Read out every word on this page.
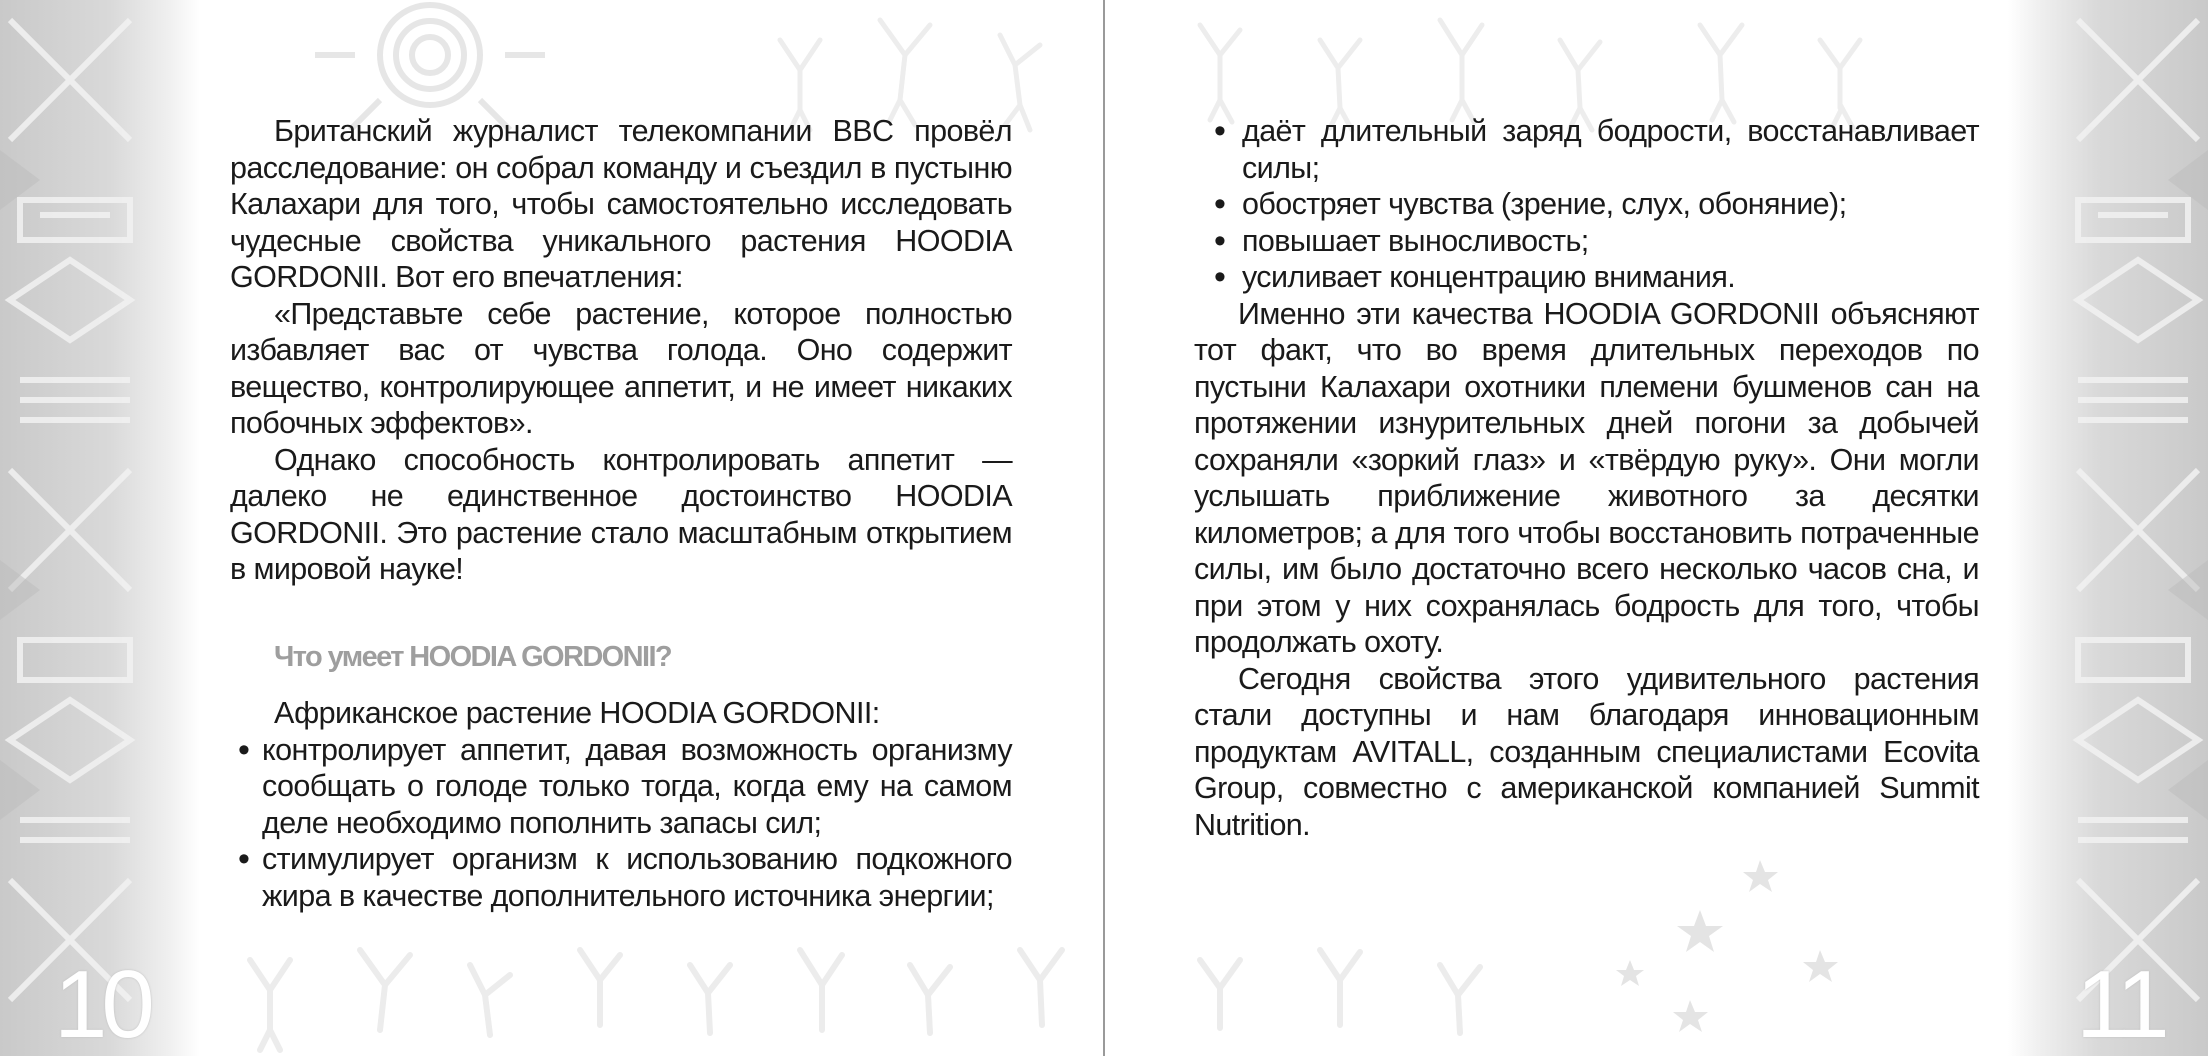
Британский журналист телекомпании BBC провёл расследование: он собрал команду и съездил в пустыню Калахари для того, чтобы самостоятельно исследовать чудесные свойства уникального растения HOODIA GORDONII. Вот его впечатления:

«Представьте себе растение, которое полностью избавляет вас от чувства голода. Оно содержит вещество, контролирующее аппетит, и не имеет никаких побочных эффектов».

Однако способность контролировать аппетит — далеко не единственное достоинство HOODIA GORDONII. Это растение стало масштабным открытием в мировой науке!

Что умеет HOODIA GORDONII?

Африканское растение HOODIA GORDONII:

• контролирует аппетит, давая возможность организму сообщать о голоде только тогда, когда ему на самом деле необходимо пополнить запасы сил;
• стимулирует организм к использованию подкожного жира в качестве дополнительного источника энергии;
• даёт длительный заряд бодрости, восстанавливает силы;
• обостряет чувства (зрение, слух, обоняние);
• повышает выносливость;
• усиливает концентрацию внимания.

Именно эти качества HOODIA GORDONII объясняют тот факт, что во время длительных переходов по пустыни Калахари охотники племени бушменов сан на протяжении изнурительных дней погони за добычей сохраняли «зоркий глаз» и «твёрдую руку». Они могли услышать приближение животного за десятки километров; а для того чтобы восстановить потраченные силы, им было достаточно всего несколько часов сна, и при этом у них сохранялась бодрость для того, чтобы продолжать охоту.

Сегодня свойства этого удивительного растения стали доступны и нам благодаря инновационным продуктам AVITALL, созданным специалистами Ecovita Group, совместно с американской компанией Summit Nutrition.

10	11
